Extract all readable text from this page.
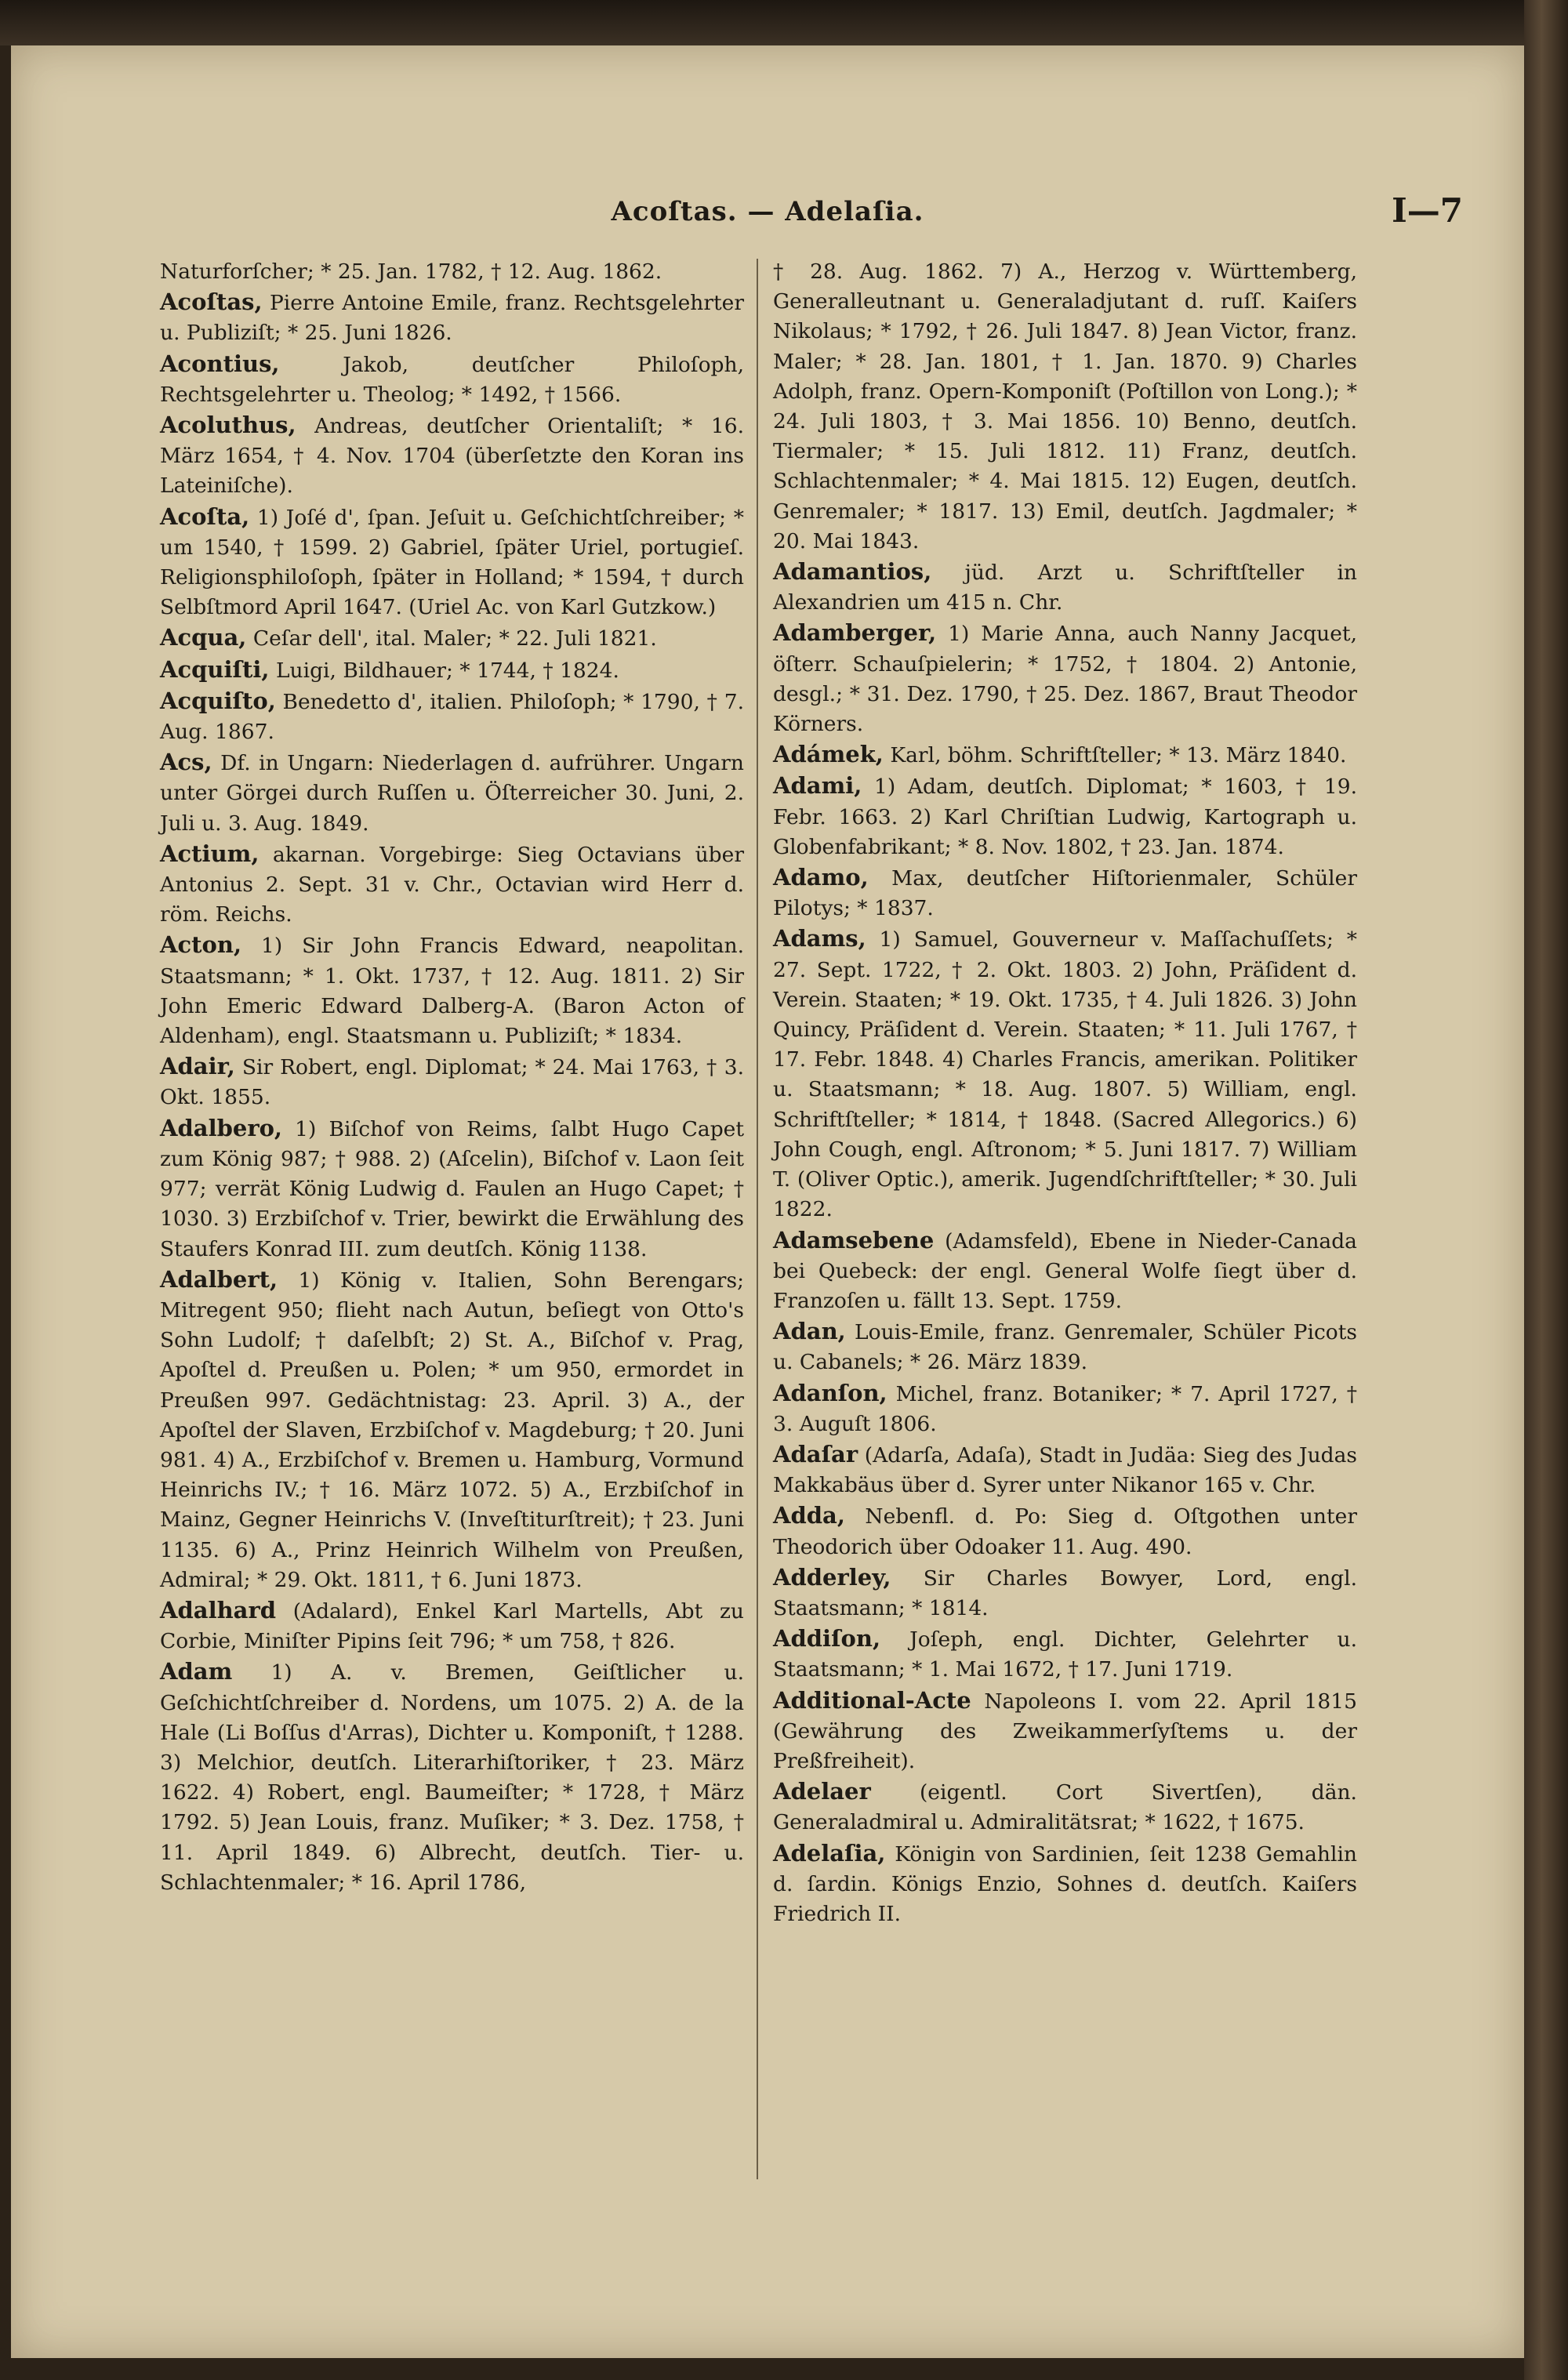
Acoſtas. — Adelaſia.	I—7
Naturforſcher; * 25. Jan. 1782, † 12. Aug. 1862.
Acoſtas, Pierre Antoine Emile, franz. Rechtsgelehrter u. Publiziſt; * 25. Juni 1826.
Acontius, Jakob, deutſcher Philoſoph, Rechtsgelehrter u. Theolog; * 1492, † 1566.
Acoluthus, Andreas, deutſcher Orientaliſt; * 16. März 1654, † 4. Nov. 1704 (überſetzte den Koran ins Lateiniſche).
Acoſta, 1) Joſé d', ſpan. Jeſuit u. Geſchichtſchreiber; * um 1540, † 1599. 2) Gabriel, ſpäter Uriel, portugieſ. Religionsphiloſoph, ſpäter in Holland; * 1594, † durch Selbſtmord April 1647. (Uriel Ac. von Karl Gutzkow.)
Acqua, Ceſar dell', ital. Maler; * 22. Juli 1821.
Acquiſti, Luigi, Bildhauer; * 1744, † 1824.
Acquiſto, Benedetto d', italien. Philoſoph; * 1790, † 7. Aug. 1867.
Acs, Df. in Ungarn: Niederlagen d. aufrührer. Ungarn unter Görgei durch Ruſſen u. Öſterreicher 30. Juni, 2. Juli u. 3. Aug. 1849.
Actium, akarnan. Vorgebirge: Sieg Octavians über Antonius 2. Sept. 31 v. Chr., Octavian wird Herr d. röm. Reichs.
Acton, 1) Sir John Francis Edward, neapolitan. Staatsmann; * 1. Okt. 1737, † 12. Aug. 1811. 2) Sir John Emeric Edward Dalberg-A. (Baron Acton of Aldenham), engl. Staatsmann u. Publiziſt; * 1834.
Adair, Sir Robert, engl. Diplomat; * 24. Mai 1763, † 3. Okt. 1855.
Adalbero, 1) Biſchof von Reims, ſalbt Hugo Capet zum König 987; † 988. 2) (Aſcelin), Biſchof v. Laon ſeit 977; verrät König Ludwig d. Faulen an Hugo Capet; † 1030. 3) Erzbiſchof v. Trier, bewirkt die Erwählung des Staufers Konrad III. zum deutſch. König 1138.
Adalbert, 1) König v. Italien, Sohn Berengars; Mitregent 950; flieht nach Autun, beſiegt von Otto's Sohn Ludolf; † daſelbſt; 2) St. A., Biſchof v. Prag, Apoſtel d. Preußen u. Polen; * um 950, ermordet in Preußen 997. Gedächtnistag: 23. April. 3) A., der Apoſtel der Slaven, Erzbiſchof v. Magdeburg; † 20. Juni 981. 4) A., Erzbiſchof v. Bremen u. Hamburg, Vormund Heinrichs IV.; † 16. März 1072. 5) A., Erzbiſchof in Mainz, Gegner Heinrichs V. (Inveſtiturſtreit); † 23. Juni 1135. 6) A., Prinz Heinrich Wilhelm von Preußen, Admiral; * 29. Okt. 1811, † 6. Juni 1873.
Adalhard (Adalard), Enkel Karl Martells, Abt zu Corbie, Miniſter Pipins ſeit 796; * um 758, † 826.
Adam 1) A. v. Bremen, Geiſtlicher u. Geſchichtſchreiber d. Nordens, um 1075. 2) A. de la Hale (Li Boſſus d'Arras), Dichter u. Komponiſt, † 1288. 3) Melchior, deutſch. Literarhiſtoriker, † 23. März 1622. 4) Robert, engl. Baumeiſter; * 1728, † März 1792. 5) Jean Louis, franz. Muſiker; * 3. Dez. 1758, † 11. April 1849. 6) Albrecht, deutſch. Tier- u. Schlachtenmaler; * 16. April 1786,
† 28. Aug. 1862. 7) A., Herzog v. Württemberg, Generalleutnant u. Generaladjutant d. ruſſ. Kaiſers Nikolaus; * 1792, † 26. Juli 1847. 8) Jean Victor, franz. Maler; * 28. Jan. 1801, † 1. Jan. 1870. 9) Charles Adolph, franz. Opern-Komponiſt (Poſtillon von Long.); * 24. Juli 1803, † 3. Mai 1856. 10) Benno, deutſch. Tiermaler; * 15. Juli 1812. 11) Franz, deutſch. Schlachtenmaler; * 4. Mai 1815. 12) Eugen, deutſch. Genremaler; * 1817. 13) Emil, deutſch. Jagdmaler; * 20. Mai 1843.
Adamantios, jüd. Arzt u. Schriftſteller in Alexandrien um 415 n. Chr.
Adamberger, 1) Marie Anna, auch Nanny Jacquet, öſterr. Schauſpielerin; * 1752, † 1804. 2) Antonie, desgl.; * 31. Dez. 1790, † 25. Dez. 1867, Braut Theodor Körners.
Adámek, Karl, böhm. Schriftſteller; * 13. März 1840.
Adami, 1) Adam, deutſch. Diplomat; * 1603, † 19. Febr. 1663. 2) Karl Chriſtian Ludwig, Kartograph u. Globenfabrikant; * 8. Nov. 1802, † 23. Jan. 1874.
Adamo, Max, deutſcher Hiſtorienmaler, Schüler Pilotys; * 1837.
Adams, 1) Samuel, Gouverneur v. Maſſachuſſets; * 27. Sept. 1722, † 2. Okt. 1803. 2) John, Präſident d. Verein. Staaten; * 19. Okt. 1735, † 4. Juli 1826. 3) John Quincy, Präſident d. Verein. Staaten; * 11. Juli 1767, † 17. Febr. 1848. 4) Charles Francis, amerikan. Politiker u. Staatsmann; * 18. Aug. 1807. 5) William, engl. Schriftſteller; * 1814, † 1848. (Sacred Allegorics.) 6) John Cough, engl. Aſtronom; * 5. Juni 1817. 7) William T. (Oliver Optic.), amerik. Jugendſchriftſteller; * 30. Juli 1822.
Adamsebene (Adamsfeld), Ebene in Nieder-Canada bei Quebeck: der engl. General Wolfe ſiegt über d. Franzoſen u. fällt 13. Sept. 1759.
Adan, Louis-Emile, franz. Genremaler, Schüler Picots u. Cabanels; * 26. März 1839.
Adanſon, Michel, franz. Botaniker; * 7. April 1727, † 3. Auguſt 1806.
Adaſar (Adarſa, Adaſa), Stadt in Judäa: Sieg des Judas Makkabäus über d. Syrer unter Nikanor 165 v. Chr.
Adda, Nebenfl. d. Po: Sieg d. Oſtgothen unter Theodorich über Odoaker 11. Aug. 490.
Adderley, Sir Charles Bowyer, Lord, engl. Staatsmann; * 1814.
Addiſon, Joſeph, engl. Dichter, Gelehrter u. Staatsmann; * 1. Mai 1672, † 17. Juni 1719.
Additional-Acte Napoleons I. vom 22. April 1815 (Gewährung des Zweikammerſyſtems u. der Preßfreiheit).
Adelaer (eigentl. Cort Sivertſen), dän. Generaladmiral u. Admiralitätsrat; * 1622, † 1675.
Adelaſia, Königin von Sardinien, ſeit 1238 Gemahlin d. ſardin. Königs Enzio, Sohnes d. deutſch. Kaiſers Friedrich II.
